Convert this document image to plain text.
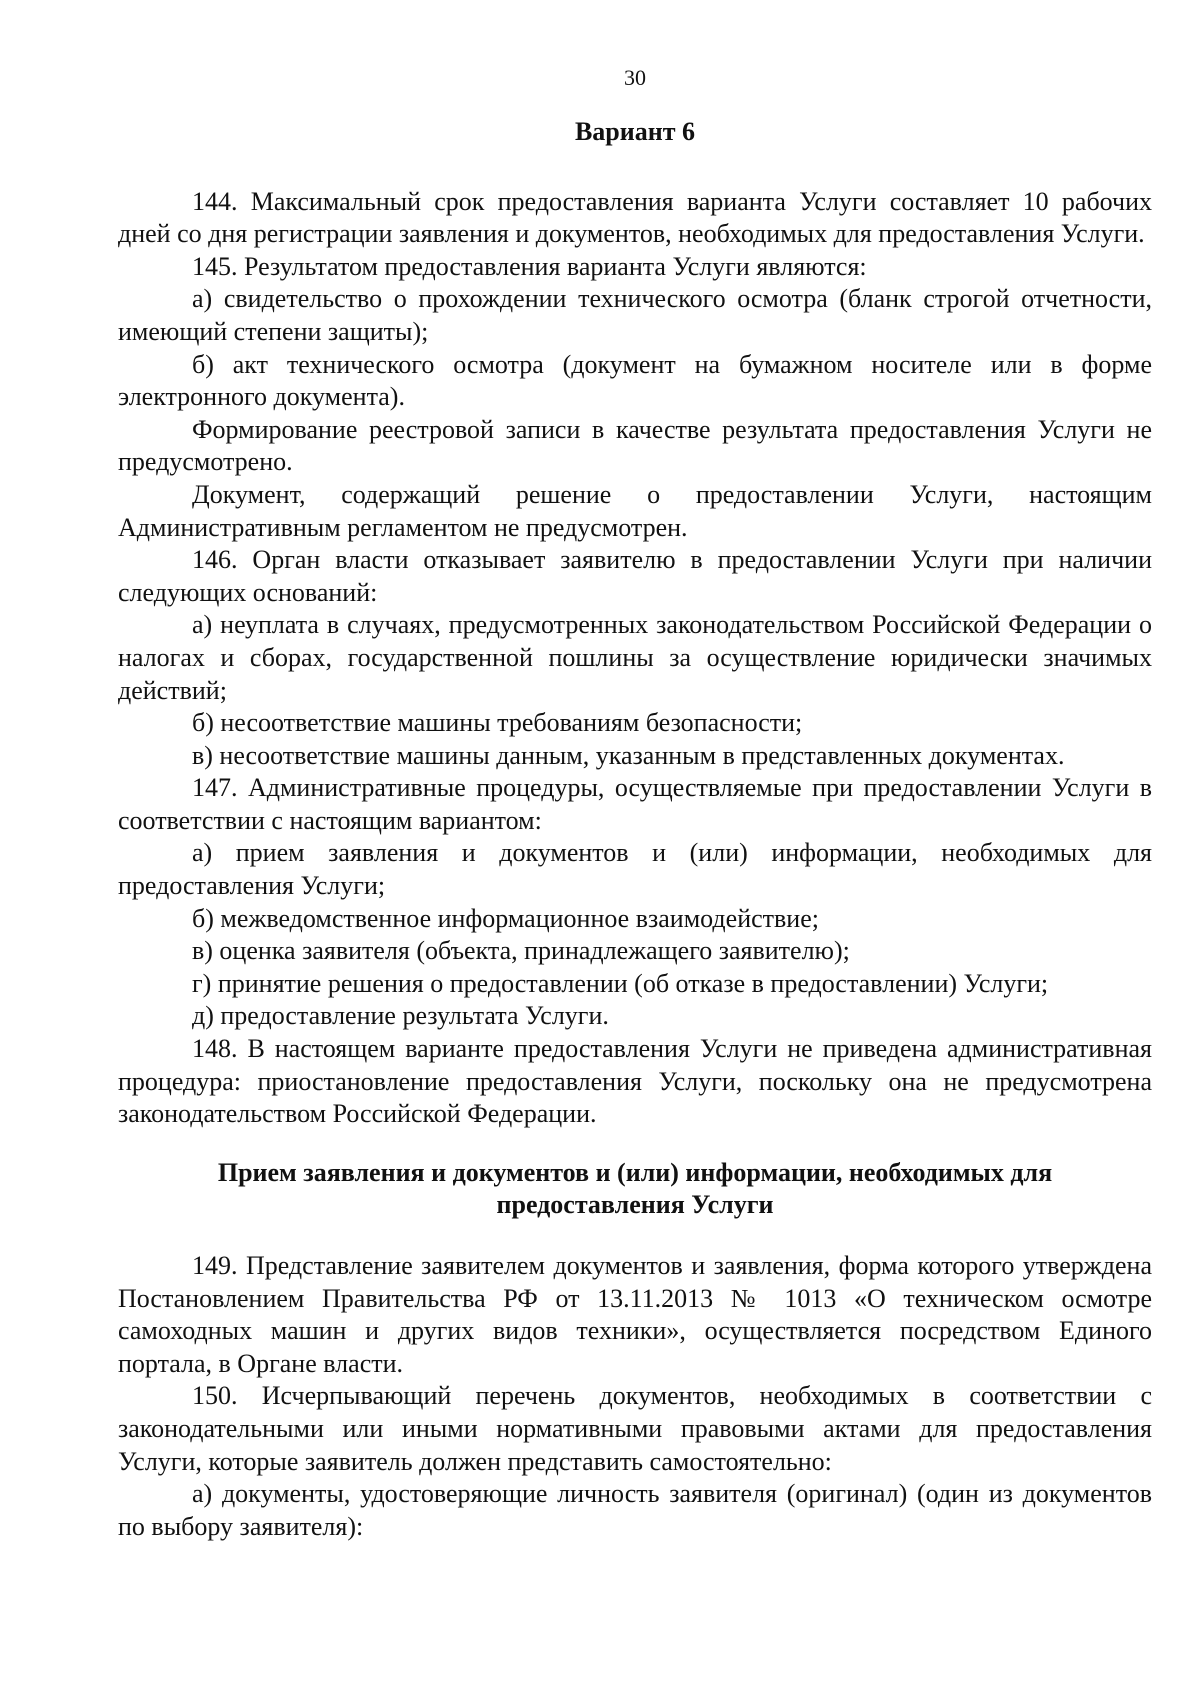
30
Вариант 6

144. Максимальный срок предоставления варианта Услуги составляет 10 рабочих дней со дня регистрации заявления и документов, необходимых для предоставления Услуги.

145. Результатом предоставления варианта Услуги являются:

а) свидетельство о прохождении технического осмотра (бланк строгой отчетности, имеющий степени защиты);

б) акт технического осмотра (документ на бумажном носителе или в форме электронного документа).

Формирование реестровой записи в качестве результата предоставления Услуги не предусмотрено.

Документ, содержащий решение о предоставлении Услуги, настоящим Административным регламентом не предусмотрен.

146. Орган власти отказывает заявителю в предоставлении Услуги при наличии следующих оснований:

а) неуплата в случаях, предусмотренных законодательством Российской Федерации о налогах и сборах, государственной пошлины за осуществление юридически значимых действий;

б) несоответствие машины требованиям безопасности;

в) несоответствие машины данным, указанным в представленных документах.

147. Административные процедуры, осуществляемые при предоставлении Услуги в соответствии с настоящим вариантом:

а) прием заявления и документов и (или) информации, необходимых для предоставления Услуги;

б) межведомственное информационное взаимодействие;

в) оценка заявителя (объекта, принадлежащего заявителю);

г) принятие решения о предоставлении (об отказе в предоставлении) Услуги;

д) предоставление результата Услуги.

148. В настоящем варианте предоставления Услуги не приведена административная процедура: приостановление предоставления Услуги, поскольку она не предусмотрена законодательством Российской Федерации.

Прием заявления и документов и (или) информации, необходимых для
предоставления Услуги

149. Представление заявителем документов и заявления, форма которого утверждена Постановлением Правительства РФ от 13.11.2013 № 1013 «О техническом осмотре самоходных машин и других видов техники», осуществляется посредством Единого портала, в Органе власти.

150. Исчерпывающий перечень документов, необходимых в соответствии с законодательными или иными нормативными правовыми актами для предоставления Услуги, которые заявитель должен представить самостоятельно:

а) документы, удостоверяющие личность заявителя (оригинал) (один из документов по выбору заявителя):
